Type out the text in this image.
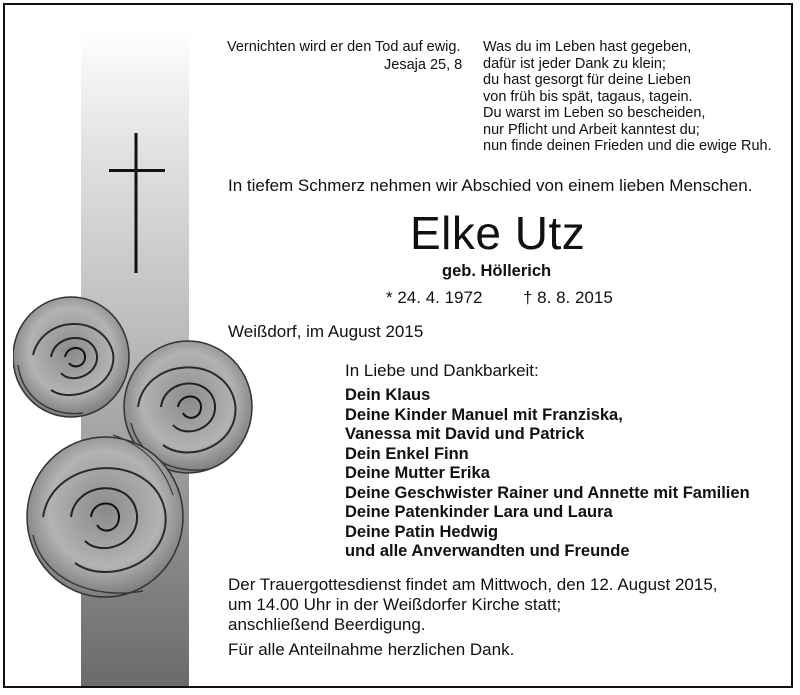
Vernichten wird er den Tod auf ewig.
Jesaja 25, 8
Was du im Leben hast gegeben,
dafür ist jeder Dank zu klein;
du hast gesorgt für deine Lieben
von früh bis spät, tagaus, tagein.
Du warst im Leben so bescheiden,
nur Pflicht und Arbeit kanntest du;
nun finde deinen Frieden und die ewige Ruh.
In tiefem Schmerz nehmen wir Abschied von einem lieben Menschen.
Elke Utz
geb. Höllerich
* 24. 4. 1972 † 8. 8. 2015
Weißdorf, im August 2015
In Liebe und Dankbarkeit:
Dein Klaus
Deine Kinder Manuel mit Franziska,
Vanessa mit David und Patrick
Dein Enkel Finn
Deine Mutter Erika
Deine Geschwister Rainer und Annette mit Familien
Deine Patenkinder Lara und Laura
Deine Patin Hedwig
und alle Anverwandten und Freunde
Der Trauergottesdienst findet am Mittwoch, den 12. August 2015,
um 14.00 Uhr in der Weißdorfer Kirche statt;
anschließend Beerdigung.
Für alle Anteilnahme herzlichen Dank.
